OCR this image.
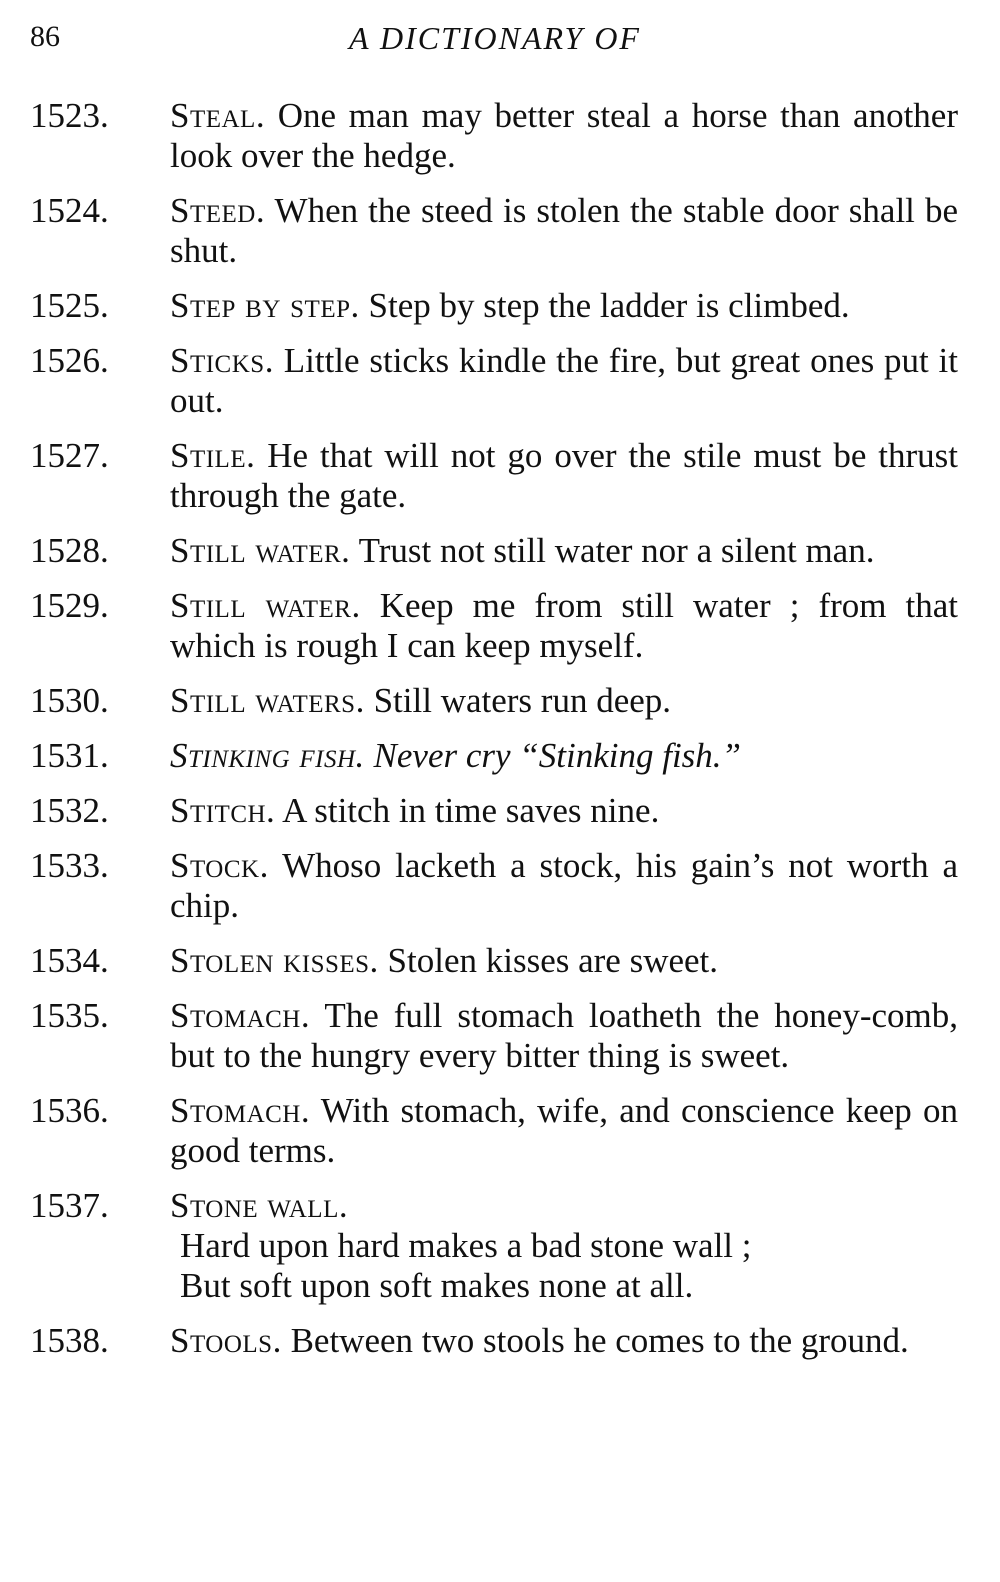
86	A DICTIONARY OF
1523.	Steal. One man may better steal a horse than another look over the hedge.
1524.	Steed. When the steed is stolen the stable door shall be shut.
1525.	Step by step. Step by step the ladder is climbed.
1526.	Sticks. Little sticks kindle the fire, but great ones put it out.
1527.	Stile. He that will not go over the stile must be thrust through the gate.
1528.	Still water. Trust not still water nor a silent man.
1529.	Still water. Keep me from still water ; from that which is rough I can keep myself.
1530.	Still waters. Still waters run deep.
1531.	Stinking fish. Never cry “Stinking fish.”
1532.	Stitch. A stitch in time saves nine.
1533.	Stock. Whoso lacketh a stock, his gain’s not worth a chip.
1534.	Stolen kisses. Stolen kisses are sweet.
1535.	Stomach. The full stomach loatheth the honey-comb, but to the hungry every bitter thing is sweet.
1536.	Stomach. With stomach, wife, and conscience keep on good terms.
1537.	Stone wall.
Hard upon hard makes a bad stone wall ;
But soft upon soft makes none at all.
1538.	Stools. Between two stools he comes to the ground.
